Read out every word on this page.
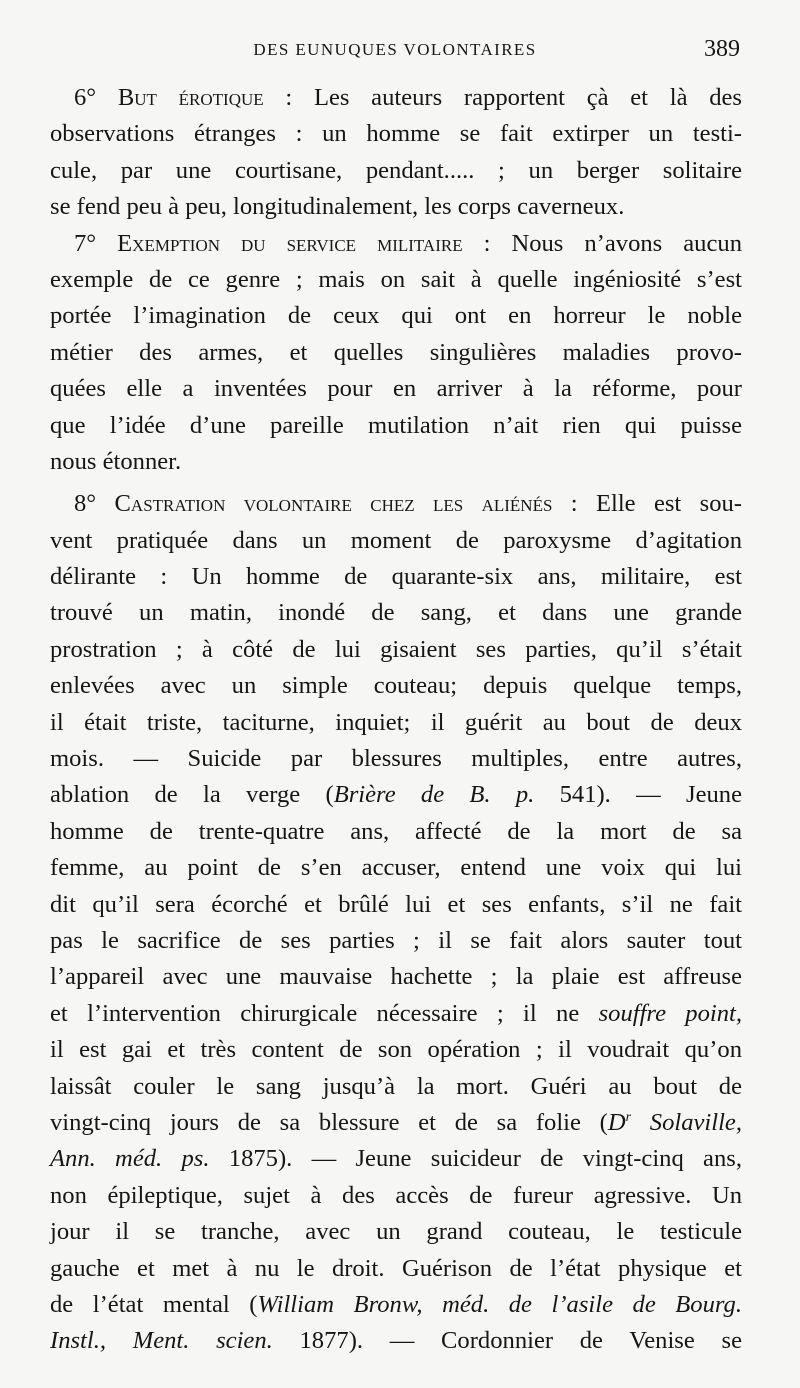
DES EUNUQUES VOLONTAIRES	389
6° But érotique : Les auteurs rapportent çà et là des
observations étranges : un homme se fait extirper un testi-
cule, par une courtisane, pendant..... ; un berger solitaire
se fend peu à peu, longitudinalement, les corps caverneux.
7° Exemption du service militaire : Nous n’avons aucun
exemple de ce genre ; mais on sait à quelle ingéniosité s’est
portée l’imagination de ceux qui ont en horreur le noble
métier des armes, et quelles singulières maladies provo-
quées elle a inventées pour en arriver à la réforme, pour
que l’idée d’une pareille mutilation n’ait rien qui puisse
nous étonner.
8° Castration volontaire chez les aliénés : Elle est sou-
vent pratiquée dans un moment de paroxysme d’agitation
délirante : Un homme de quarante-six ans, militaire, est
trouvé un matin, inondé de sang, et dans une grande
prostration ; à côté de lui gisaient ses parties, qu’il s’était
enlevées avec un simple couteau; depuis quelque temps,
il était triste, taciturne, inquiet; il guérit au bout de deux
mois. — Suicide par blessures multiples, entre autres,
ablation de la verge (Brière de B. p. 541). — Jeune
homme de trente-quatre ans, affecté de la mort de sa
femme, au point de s’en accuser, entend une voix qui lui
dit qu’il sera écorché et brûlé lui et ses enfants, s’il ne fait
pas le sacrifice de ses parties ; il se fait alors sauter tout
l’appareil avec une mauvaise hachette ; la plaie est affreuse
et l’intervention chirurgicale nécessaire ; il ne souffre point,
il est gai et très content de son opération ; il voudrait qu’on
laissât couler le sang jusqu’à la mort. Guéri au bout de
vingt-cinq jours de sa blessure et de sa folie ($D^r$ Solaville,
Ann. méd. ps. 1875). — Jeune suicideur de vingt-cinq ans,
non épileptique, sujet à des accès de fureur agressive. Un
jour il se tranche, avec un grand couteau, le testicule
gauche et met à nu le droit. Guérison de l’état physique et
de l’état mental (William Bronw, méd. de l’asile de Bourg.
Instl., Ment. scien. 1877). — Cordonnier de Venise se
